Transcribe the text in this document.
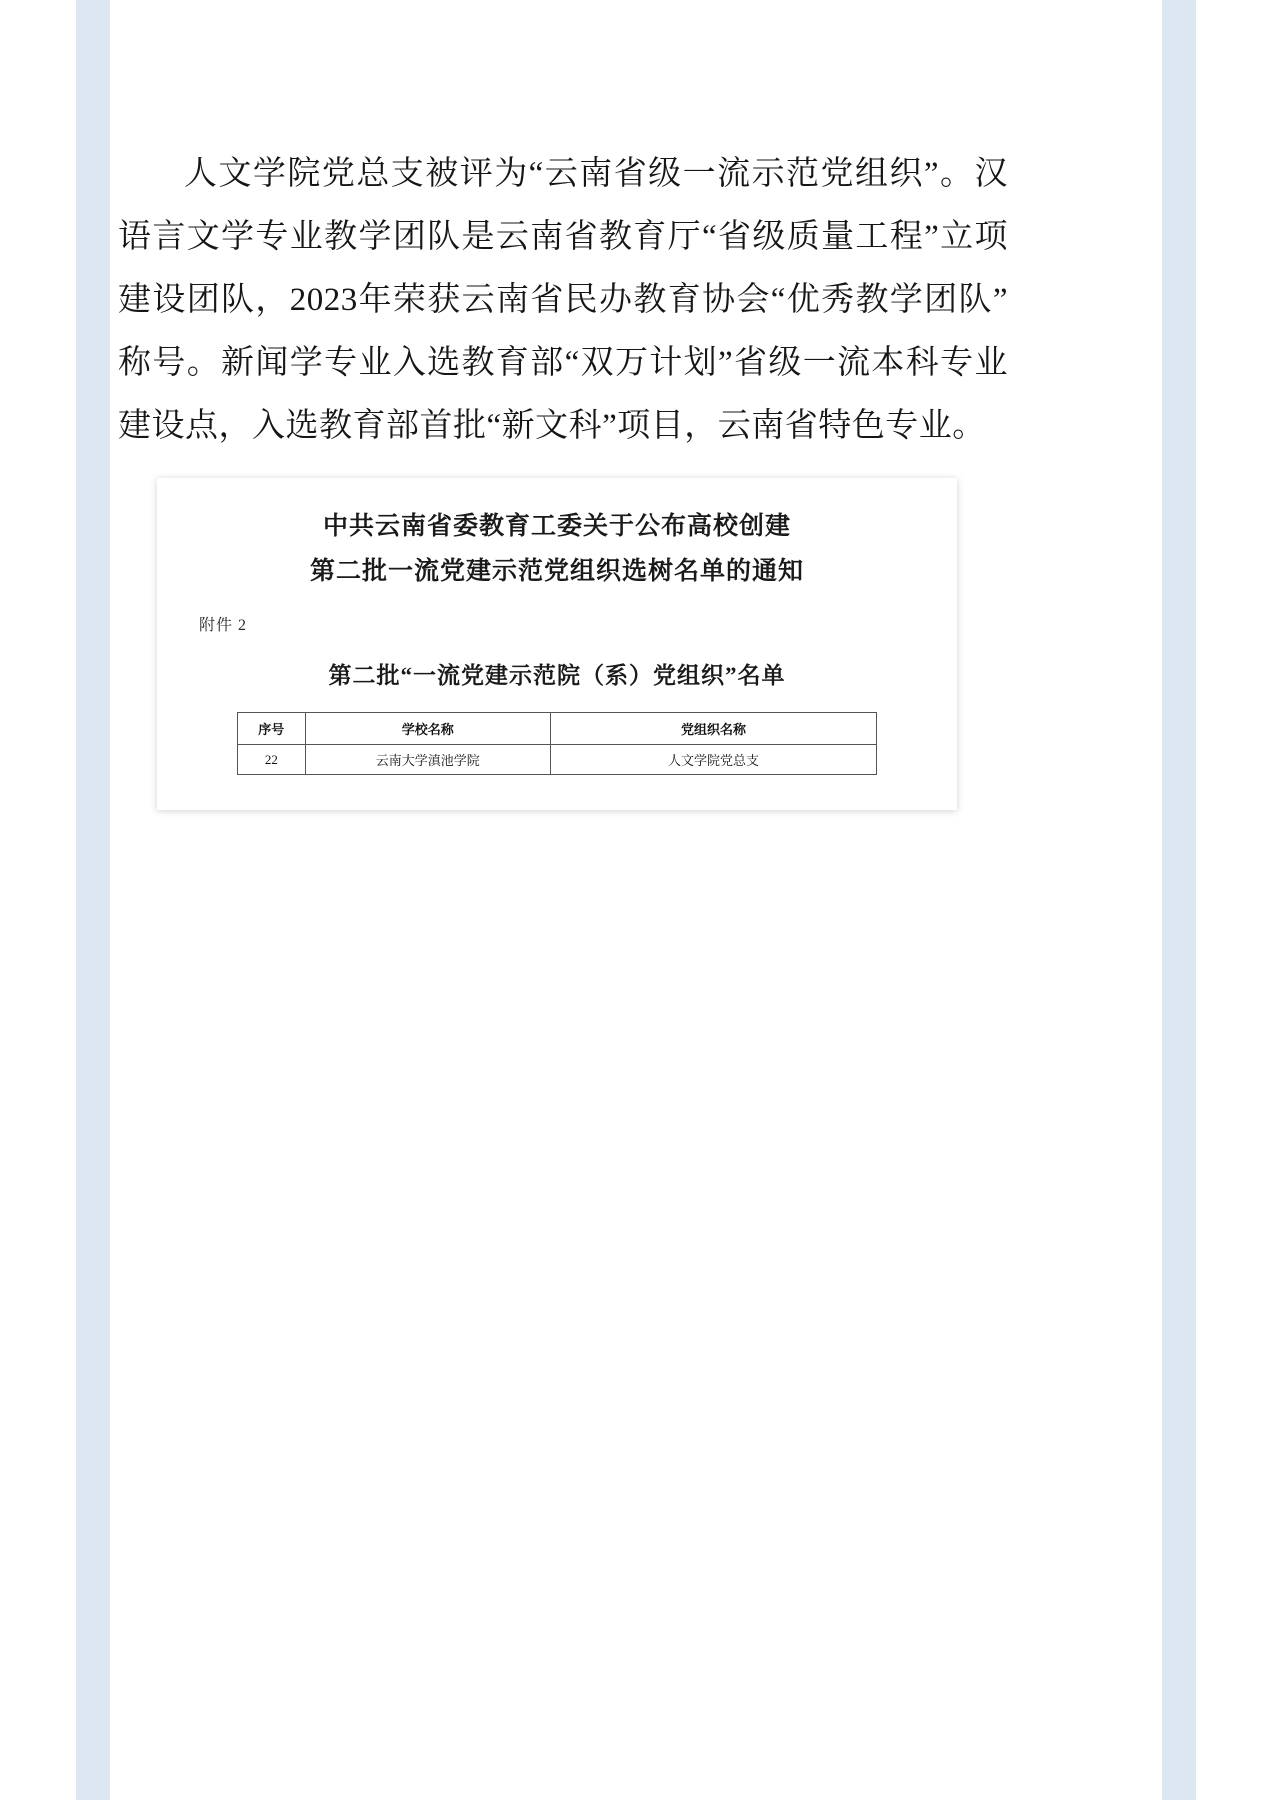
人文学院党总支被评为“云南省级一流示范党组织”。汉语言文学专业教学团队是云南省教育厅“省级质量工程”立项建设团队，2023年荣获云南省民办教育协会“优秀教学团队”称号。新闻学专业入选教育部“双万计划”省级一流本科专业建设点，入选教育部首批“新文科”项目，云南省特色专业。

中共云南省委教育工委关于公布高校创建
第二批一流党建示范党组织选树名单的通知
附件 2
第二批“一流党建示范院（系）党组织”名单
序号	学校名称	党组织名称
22	云南大学滇池学院	人文学院党总支
